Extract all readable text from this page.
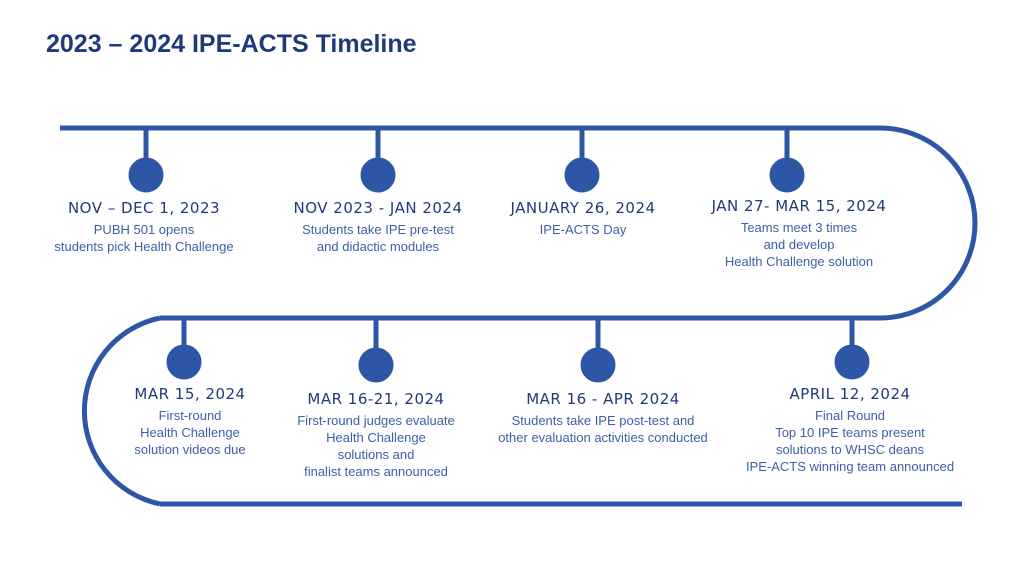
2023 – 2024 IPE-ACTS Timeline
NOV – DEC 1, 2023
PUBH 501 opens
students pick Health Challenge
NOV 2023 - JAN 2024
Students take IPE pre-test
and didactic modules
JANUARY 26, 2024
IPE-ACTS Day
JAN 27- MAR 15, 2024
Teams meet 3 times
and develop
Health Challenge solution
MAR 15, 2024
First-round
Health Challenge
solution videos due
MAR 16-21, 2024
First-round judges evaluate
Health Challenge
solutions and
finalist teams announced
MAR 16 - APR 2024
Students take IPE post-test and
other evaluation activities conducted
APRIL 12, 2024
Final Round
Top 10 IPE teams present
solutions to WHSC deans
IPE-ACTS winning team announced
